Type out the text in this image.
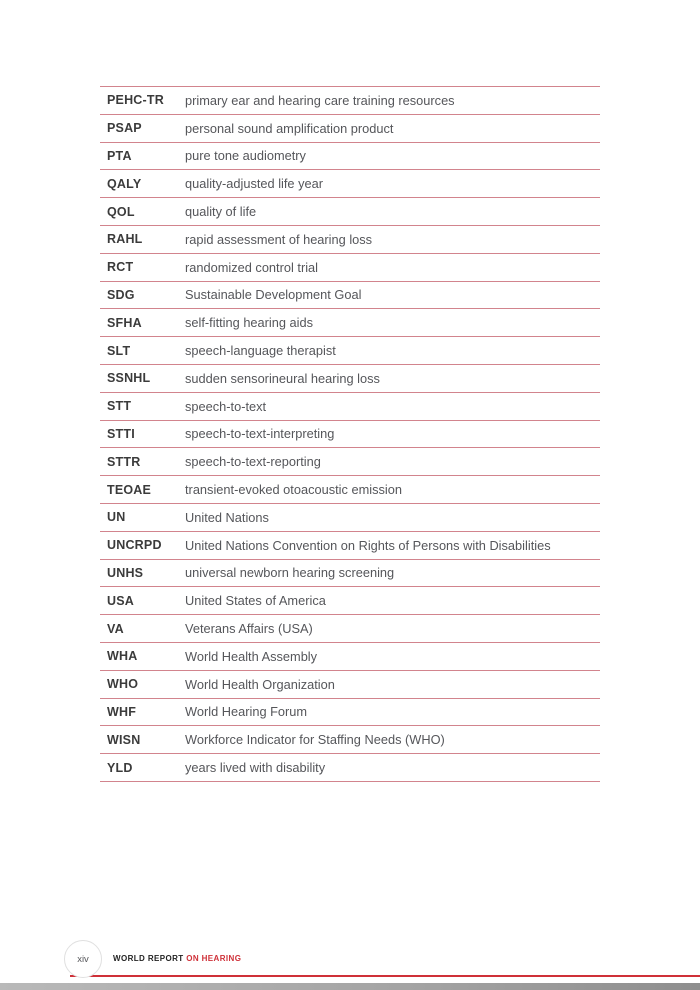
PEHC-TR	primary ear and hearing care training resources
PSAP	personal sound amplification product
PTA	pure tone audiometry
QALY	quality-adjusted life year
QOL	quality of life
RAHL	rapid assessment of hearing loss
RCT	randomized control trial
SDG	Sustainable Development Goal
SFHA	self-fitting hearing aids
SLT	speech-language therapist
SSNHL	sudden sensorineural hearing loss
STT	speech-to-text
STTI	speech-to-text-interpreting
STTR	speech-to-text-reporting
TEOAE	transient-evoked otoacoustic emission
UN	United Nations
UNCRPD	United Nations Convention on Rights of Persons with Disabilities
UNHS	universal newborn hearing screening
USA	United States of America
VA	Veterans Affairs (USA)
WHA	World Health Assembly
WHO	World Health Organization
WHF	World Hearing Forum
WISN	Workforce Indicator for Staffing Needs (WHO)
YLD	years lived with disability
xiv	WORLD REPORT ON HEARING
